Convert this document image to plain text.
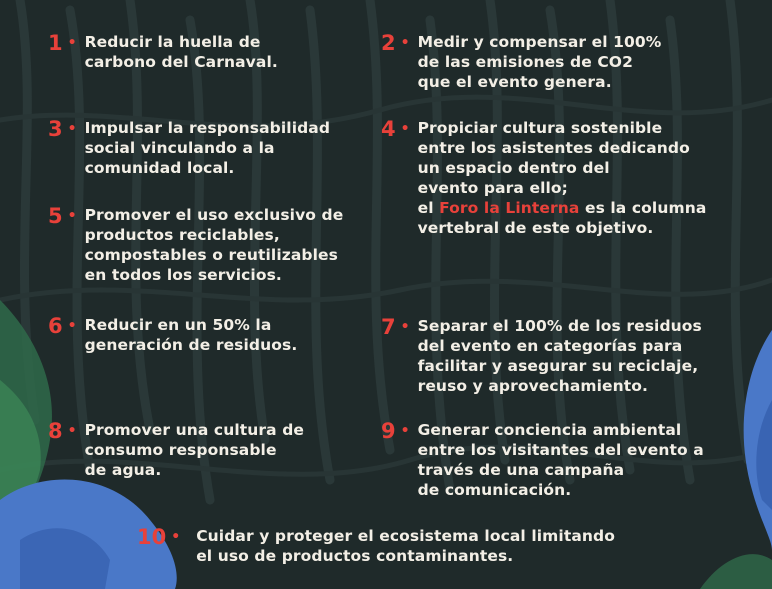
1 • Reducir la huella de
carbono del Carnaval.
2 • Medir y compensar el 100%
de las emisiones de CO2
que el evento genera.
3 • Impulsar la responsabilidad
social vinculando a la
comunidad local.
4 • Propiciar cultura sostenible
entre los asistentes dedicando
un espacio dentro del
evento para ello;
el Foro la Linterna es la columna
vertebral de este objetivo.
5 • Promover el uso exclusivo de
productos reciclables,
compostables o reutilizables
en todos los servicios.
6 • Reducir en un 50% la
generación de residuos.
7 • Separar el 100% de los residuos
del evento en categorías para
facilitar y asegurar su reciclaje,
reuso y aprovechamiento.
8 • Promover una cultura de
consumo responsable
de agua.
9 • Generar conciencia ambiental
entre los visitantes del evento a
través de una campaña
de comunicación.
10 • Cuidar y proteger el ecosistema local limitando
el uso de productos contaminantes.
